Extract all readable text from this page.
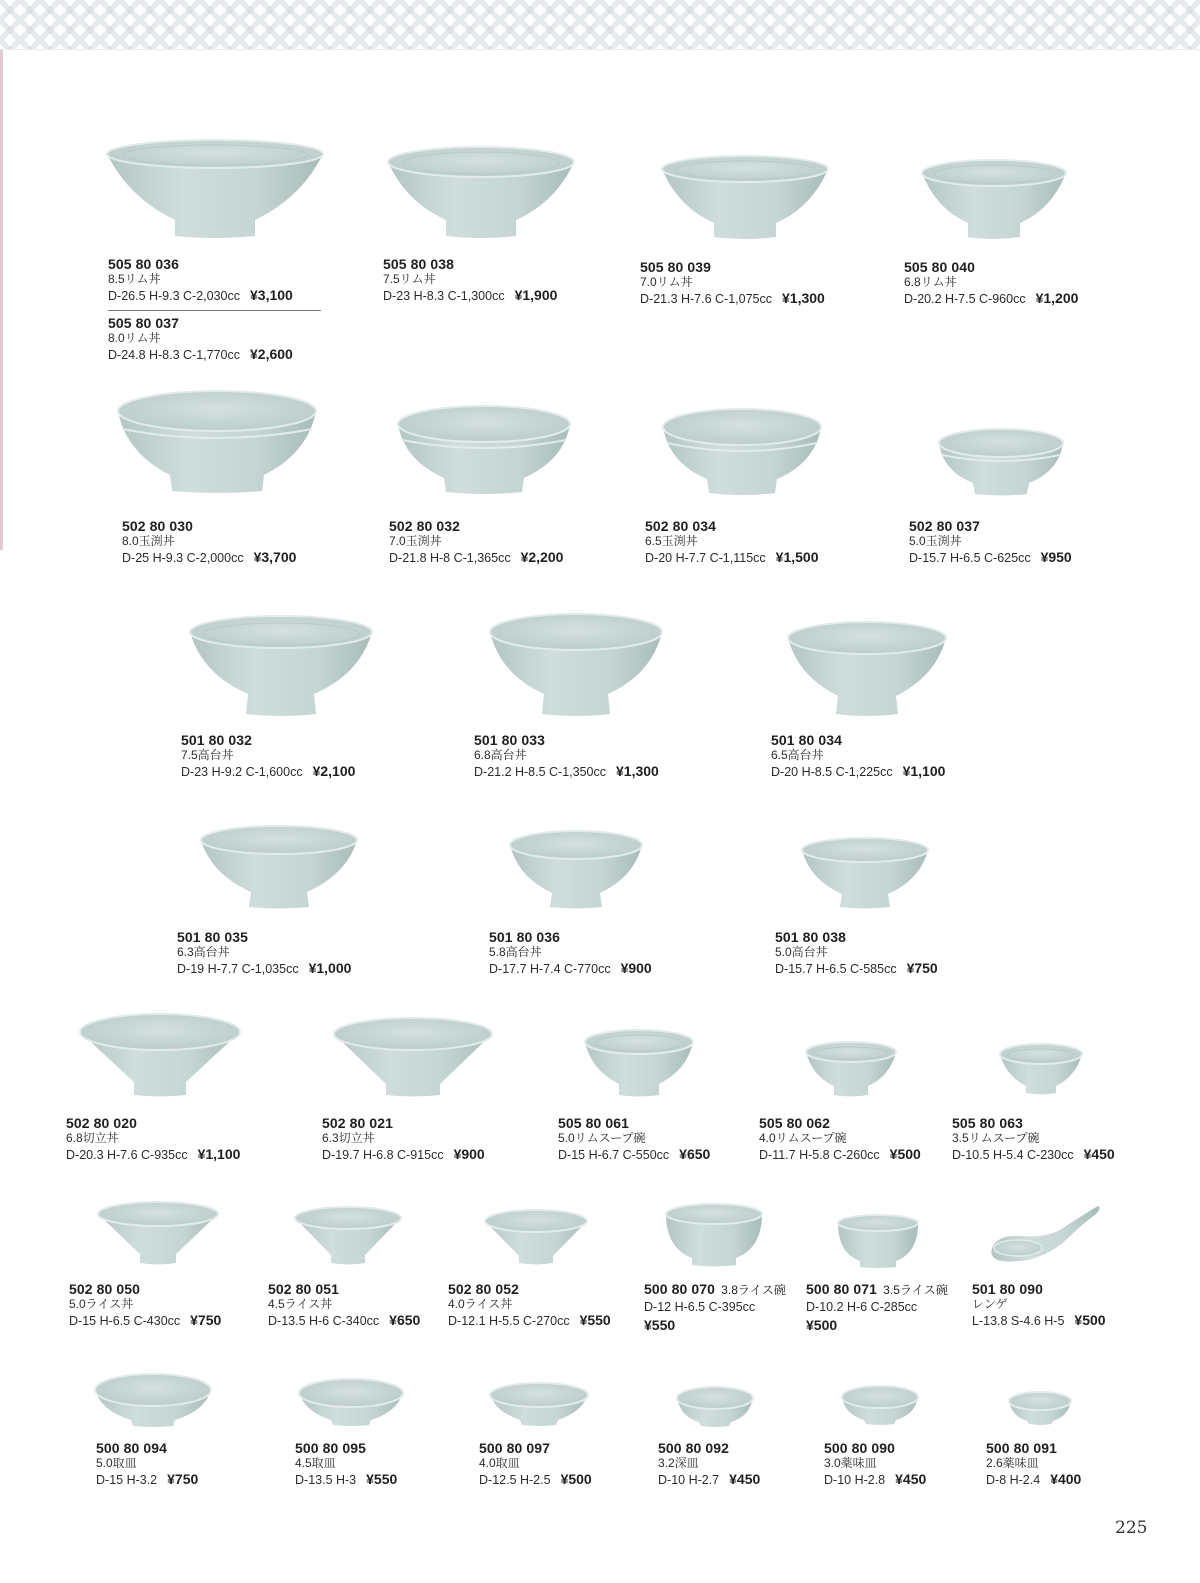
505 80 036
8.5リム丼
D-26.5 H-9.3 C-2,030cc ¥3,100
505 80 037
8.0リム丼
D-24.8 H-8.3 C-1,770cc ¥2,600
505 80 038
7.5リム丼
D-23 H-8.3 C-1,300cc ¥1,900
505 80 039
7.0リム丼
D-21.3 H-7.6 C-1,075cc ¥1,300
505 80 040
6.8リム丼
D-20.2 H-7.5 C-960cc ¥1,200
502 80 030
8.0玉渕丼
D-25 H-9.3 C-2,000cc ¥3,700
502 80 032
7.0玉渕丼
D-21.8 H-8 C-1,365cc ¥2,200
502 80 034
6.5玉渕丼
D-20 H-7.7 C-1,115cc ¥1,500
502 80 037
5.0玉渕丼
D-15.7 H-6.5 C-625cc ¥950
501 80 032
7.5高台丼
D-23 H-9.2 C-1,600cc ¥2,100
501 80 033
6.8高台丼
D-21.2 H-8.5 C-1,350cc ¥1,300
501 80 034
6.5高台丼
D-20 H-8.5 C-1,225cc ¥1,100
501 80 035
6.3高台丼
D-19 H-7.7 C-1,035cc ¥1,000
501 80 036
5.8高台丼
D-17.7 H-7.4 C-770cc ¥900
501 80 038
5.0高台丼
D-15.7 H-6.5 C-585cc ¥750
502 80 020
6.8切立丼
D-20.3 H-7.6 C-935cc ¥1,100
502 80 021
6.3切立丼
D-19.7 H-6.8 C-915cc ¥900
505 80 061
5.0リムスープ碗
D-15 H-6.7 C-550cc ¥650
505 80 062
4.0リムスープ碗
D-11.7 H-5.8 C-260cc ¥500
505 80 063
3.5リムスープ碗
D-10.5 H-5.4 C-230cc ¥450
502 80 050
5.0ライス丼
D-15 H-6.5 C-430cc ¥750
502 80 051
4.5ライス丼
D-13.5 H-6 C-340cc ¥650
502 80 052
4.0ライス丼
D-12.1 H-5.5 C-270cc ¥550
500 80 070 3.8ライス碗
D-12 H-6.5 C-395cc
¥550
500 80 071 3.5ライス碗
D-10.2 H-6 C-285cc
¥500
501 80 090
レンゲ
L-13.8 S-4.6 H-5 ¥500
500 80 094
5.0取皿
D-15 H-3.2 ¥750
500 80 095
4.5取皿
D-13.5 H-3 ¥550
500 80 097
4.0取皿
D-12.5 H-2.5 ¥500
500 80 092
3.2深皿
D-10 H-2.7 ¥450
500 80 090
3.0薬味皿
D-10 H-2.8 ¥450
500 80 091
2.6薬味皿
D-8 H-2.4 ¥400
225
